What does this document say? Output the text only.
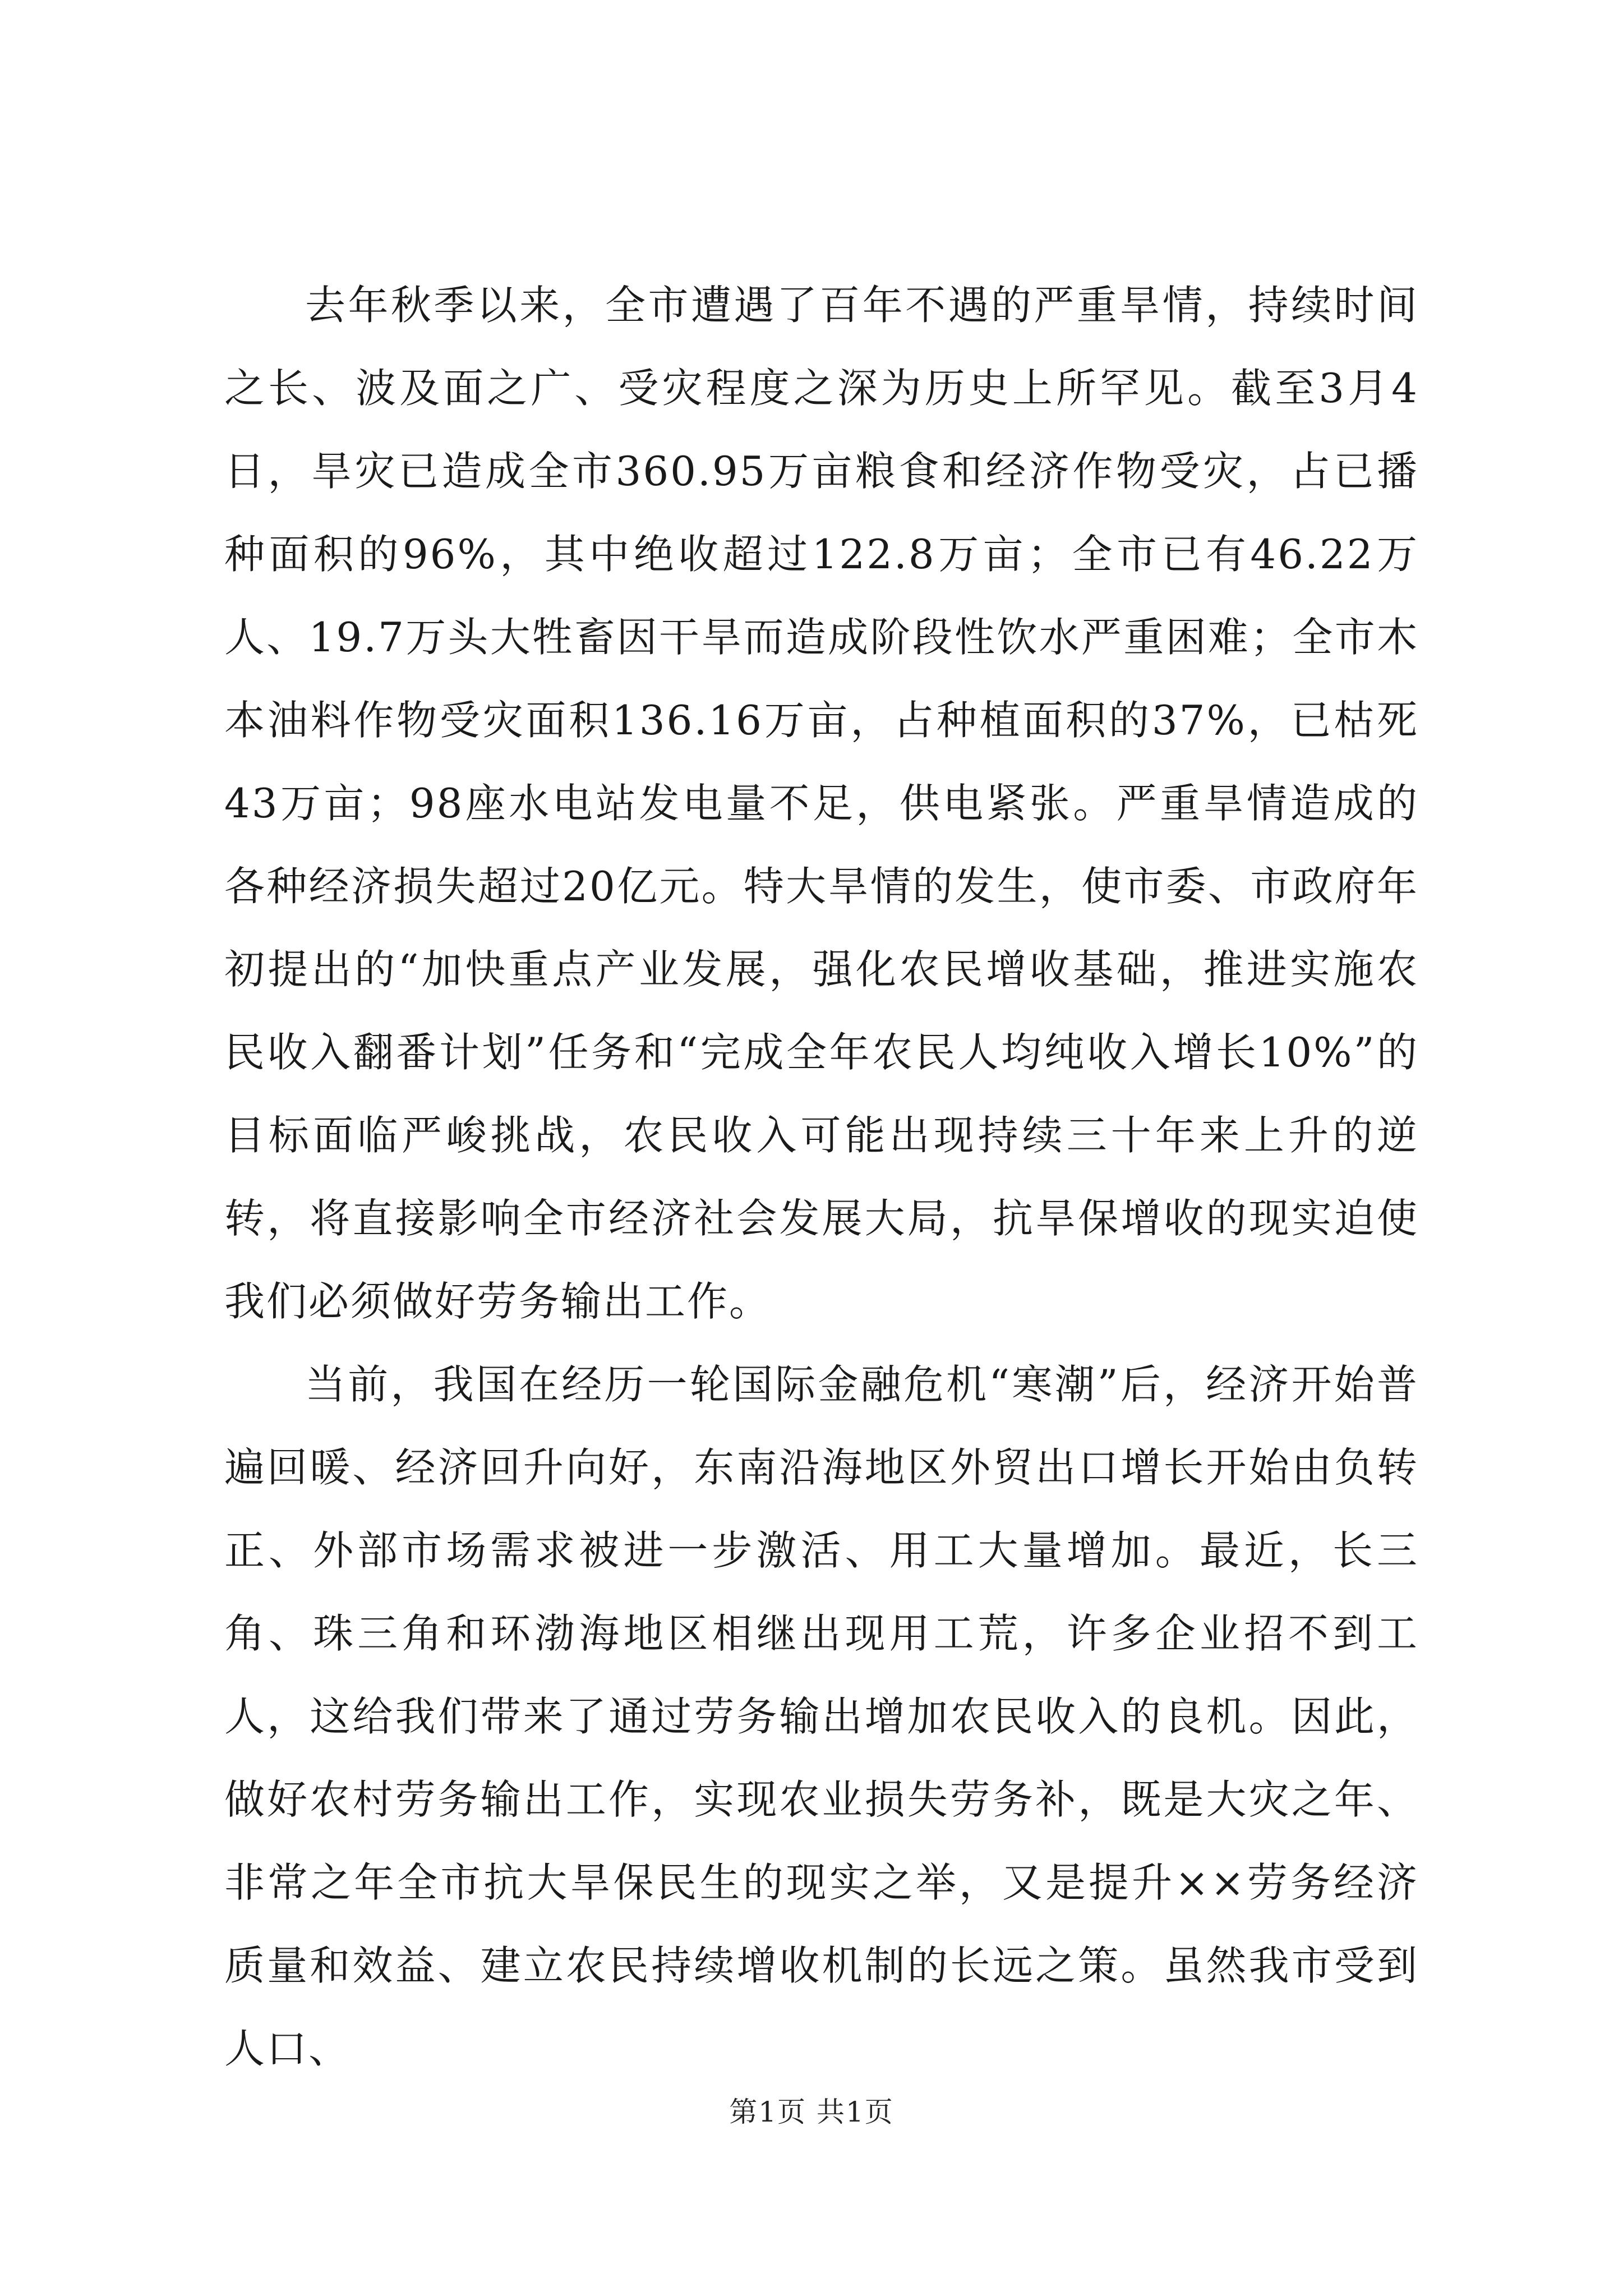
去年秋季以来，全市遭遇了百年不遇的严重旱情，持续时间之长、波及面之广、受灾程度之深为历史上所罕见。截至3月4日，旱灾已造成全市360.95万亩粮食和经济作物受灾，占已播种面积的96%，其中绝收超过122.8万亩；全市已有46.22万人、19.7万头大牲畜因干旱而造成阶段性饮水严重困难；全市木本油料作物受灾面积136.16万亩，占种植面积的37%，已枯死43万亩；98座水电站发电量不足，供电紧张。严重旱情造成的各种经济损失超过20亿元。特大旱情的发生，使市委、市政府年初提出的“加快重点产业发展，强化农民增收基础，推进实施农民收入翻番计划”任务和“完成全年农民人均纯收入增长10%”的目标面临严峻挑战，农民收入可能出现持续三十年来上升的逆转，将直接影响全市经济社会发展大局，抗旱保增收的现实迫使我们必须做好劳务输出工作。

当前，我国在经历一轮国际金融危机“寒潮”后，经济开始普遍回暖、经济回升向好，东南沿海地区外贸出口增长开始由负转正、外部市场需求被进一步激活、用工大量增加。最近，长三角、珠三角和环渤海地区相继出现用工荒，许多企业招不到工人，这给我们带来了通过劳务输出增加农民收入的良机。因此，做好农村劳务输出工作，实现农业损失劳务补，既是大灾之年、非常之年全市抗大旱保民生的现实之举，又是提升××劳务经济质量和效益、建立农民持续增收机制的长远之策。虽然我市受到人口、

第1页 共1页
